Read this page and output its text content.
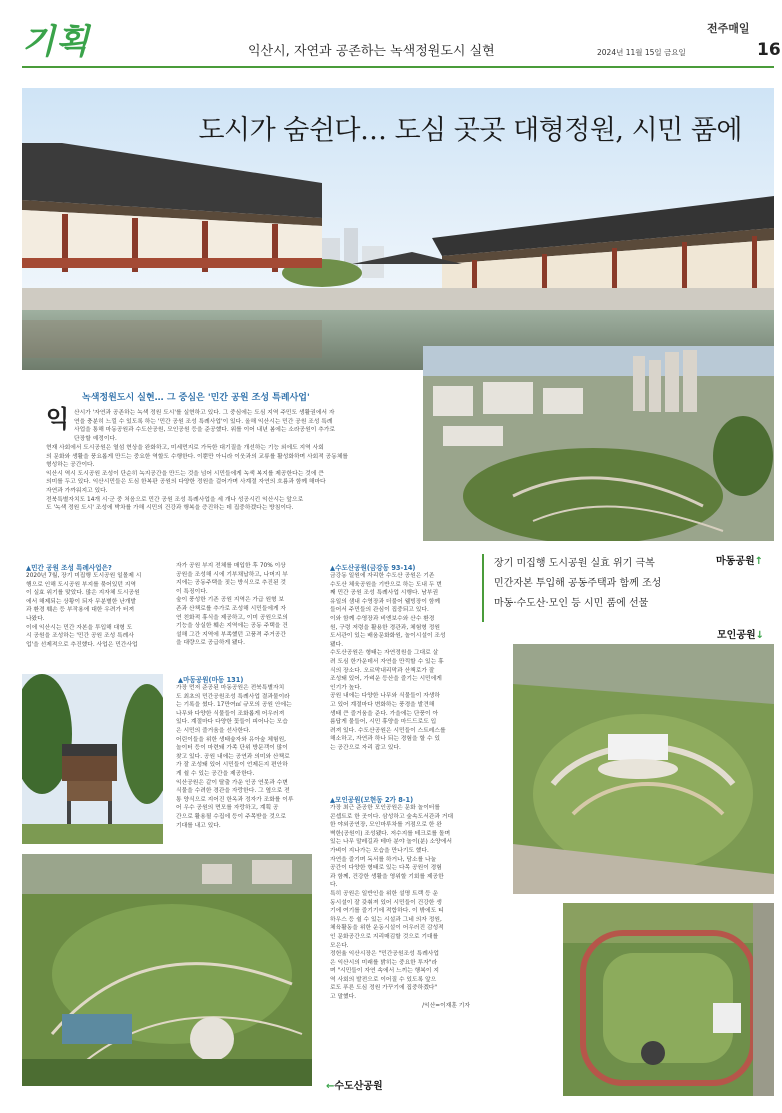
기획	익산시, 자연과 공존하는 녹색정원도시 실현
전주매일
2024년 11월 15일 금요일	16
도시가 숨쉰다… 도심 곳곳 대형정원, 시민 품에
녹색정원도시 실현… 그 중심은 '민간 공원 조성 특례사업'
익 산시가 '자연과 공존하는 녹색 정원 도시'를 실현하고 있다. 그 중심에는 도심 지역 주민도 생활권에서 자
연을 충분히 느낄 수 있도록 하는 '민간 공원 조성 특례사업'이 있다. 올해 익산시는 민간 공원 조성 특례
사업을 통해 마동공원과 수도산공원, 모인공원 등을 준공했다. 위를 이어 내년 봄에는 소라공원이 추가로
단장할 예정이다.
현재 사회에서 도시공원은 열섬 현상을 완화하고, 미세먼지로 가득한 대기질을 개선하는 기능 외에도 지역 사회
의 문화와 생활을 풍요롭게 만드는 중요한 역할도 수행한다. 이뿐만 아니라 이웃과의 교류를 활성화하며 사회적 공동체를
형성하는 공간이다.
익산시 역시 도시공원 조성이 단순히 녹지공간을 만드는 것을 넘어 시민들에게 녹색 복지를 제공한다는 것에 큰
의미를 두고 있다. 익산시민들은 도심 한복판 공원의 다양한 정원을 걸어가며 사계절 자연의 흐름과 함께 해마다
자연과 가까워지고 있다.
전북특별자치도 14개 시·군 중 처음으로 민간 공원 조성 특례사업을 세 개나 성공시킨 익산시는 앞으로
도 '녹색 정원 도시' 조성에 박차를 가해 시민의 건강과 행복을 증진하는 데 집중하겠다는 방침이다.
장기 미집행 도시공원 실효 위기 극복
민간자본 투입해 공동주택과 함께 조성
마동·수도산·모인 등 시민 품에 선물
마동공원↑
모인공원↓
▲민간 공원 조성 특례사업은?
2020년 7월, 장기 미집행 도시공원 일몰제 시
행으로 인해 도시공원 부지를 묶어있던 지역
이 실효 위기를 맞았다. 많은 지자체 도시공원
에서 해제되는 상황이 되자 무분별한 난개발
과 환경 훼손 등 부작용에 대한 우려가 터져
나왔다.
이에 익산시는 민간 자본을 투입해 대형 도
시 공원을 조성하는 '민간 공원 조성 특례사
업'을 선제적으로 추진했다. 사업은 민간사업
자가 공원 부지 전체를 매입한 후 70% 이상
공원을 조성해 시에 기부채납하고, 나머지 부
지에는 공동주택을 짓는 방식으로 추진된 것
이 특징이다.
숲이 풍성한 기존 공원 지역은 가급 원형 보
존과 산책로를 추가로 조성해 시민들에게 자
연 친화적 휴식을 제공하고, 이미 공원으로의
기능을 상실한 훼손 지역에는 공동 주택을 건
설해 그간 지역에 부족했던 고품격 주거공간
을 대량으로 공급하게 됐다.
▲마동공원(마동 131)
가장 먼저 준공된 마동공원은 전북특별자치
도 최초의 민간공원조성 특례사업 결과물이라
는 기록을 썼다. 17만여㎡ 규모의 공원 안에는
나무와 다양한 식물들이 조화롭게 어우러져
있다. 계절마다 다양한 꽃들이 피어나는 모습
은 시민의 즐거움을 선사한다.
어린이들을 위한 생태숲자와 유아숲 체험원,
놀이터 등이 마련돼 가족 단위 방문객이 많이
찾고 있다. 공원 내에는 공연과 의미와 산책로
가 잘 조성돼 있어 시민들이 언제든지 편안하
게 쉴 수 있는 공간을 제공한다.
익산공원은 같이 탈출 가운 인공 연못과 수변
식물을 수려한 경관을 자랑한다. 그 옆으로 전
통 양식으로 지어진 한옥과 정자가 조화를 이루
어 우수 공원의 면모를 자랑하고, 계획 공
간으로 활용될 수집에 등이 주목받을 것으로
기대를 내고 있다.
←수도산공원
▲수도산공원(금강동 93-14)
금강동 일원에 자리한 수도산 공원은 기존
수도산 체육공원을 기반으로 하는 도내 두 번
째 민간 공원 조성 특례사업 시행다. 남부권
유일의 샘내 수영장과 더불어 웰빙장이 함께
들어서 주민들의 관심이 집중되고 있다.
이와 함께 수영장과 비엔보수와 산수 환경
원, 구령 저령을 활용한 경관과, 체험형 정원
도서관이 있는 배움문화화원, 놀이시설이 조성
됐다.
수도산공원은 형태는 자연정원을 그대로 살
려 도심 한가운데서 자연을 만끽할 수 있는 휴
식의 장소다. 오르막내리막과 산책로가 잘
조성돼 있어, 가벼운 등산을 즐기는 시민에게
인기가 높다.
공원 내에는 다양한 나무와 식물들이 자생하
고 있어 계절마다 변화하는 풍경을 발견해
생태 큰 즐거움을 준다. 가을에는 단풍이 아
름답게 물들어, 시민 휴양을 마드드로도 입
려져 있다. 수도산공원은 시민들이 스트레스를
해소하고, 자연과 하나 되는 경험을 할 수 있
는 공간으로 자리 잡고 있다.
▲모인공원(모현동 2가 8-1)
가장 최근 준공한 모인공원은 문화 놀이터를
콘셉트로 한 곳이다. 삼성하고 숲속도서관과 거대
한 야외공연장, 모인마루차를 거점으로 한 완
벽한(공원이) 조성됐다. 저수지를 테크로를 돌며
있는 나무 말레길과 테마 분야 놀이(분) 소양에서
가벼이 지나가는 모습을 만나기도 했다.
자연을 즐기며 독서를 하거나, 담소를 나눌
공간이 다양한 형태로 있는 다목 공원이 경험
과 함께, 건강한 생활을 영위할 기회를 제공한
다.
특히 공원은 일반인을 위한 설명 트랙 등 운
동시설이 잘 갖춰져 있어 시민들이 건강한 생
기에 여기를 즐기기에 적합하다. 이 밖에도 티
하우스 등 쉴 수 있는 시설과 그네 의자 정원,
체육활동을 위한 운동시설이 어우러진 감성적
인 문화공간으로 지리매김할 것으로 기대를
모은다.
정헌율 익산시장은 "민간공원조성 특례사업
은 익산시의 미래를 밝히는 중요한 투자"라
며 "시민들이 자연 속에서 느끼는 행복이 지
역 사회의 발전으로 이어질 수 있도록 앞으
로도 푸른 도심 정원 가꾸기에 집중하겠다"
고 말했다.
/익산=이재훈 기자
